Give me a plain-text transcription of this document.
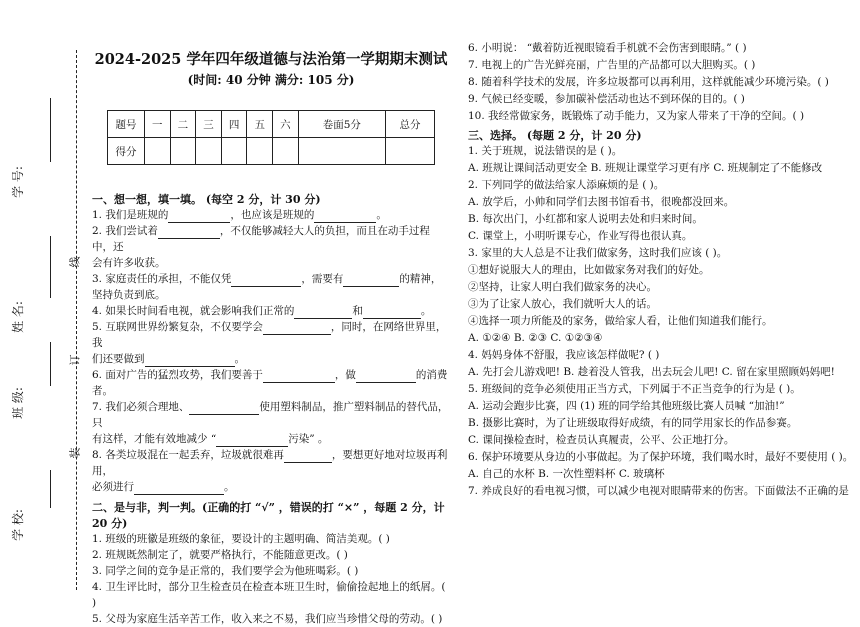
学 校:
班 级:
姓 名:
学 号:
装
订
线
2024-2025 学年四年级道德与法治第一学期期末测试
(时间: 40 分钟 满分: 105 分)
题号	一	二	三	四	五	六	卷面5分	总分
得分								
一、想一想，填一填。 (每空 2 分，计 30 分)
1. 我们是班规的	，也应该是班规的	。
2. 我们尝试着	，不仅能够减轻大人的负担，而且在动手过程中，还
会有许多收获。
3. 家庭责任的承担，不能仅凭	，需要有	的精神，
坚持负责到底。
4. 如果长时间看电视，就会影响我们正常的	和	。
5. 互联网世界纷繁复杂，不仅要学会	，同时，在网络世界里，我
们还要做到	。
6. 面对广告的猛烈攻势，我们要善于	，做	的消费者。
7. 我们必须合理地、	使用塑料制品，推广塑料制品的替代品，只
有这样，才能有效地减少 “	污染” 。
8. 各类垃圾混在一起丢弃，垃圾就很难再	，要想更好地对垃圾再利用，
必须进行	。
二、是与非，判一判。(正确的打 “√” ，错误的打 “×” ，每题 2 分，计 20 分)
1. 班级的班徽是班级的象征，要设计的主题明确、简洁美观。( )
2. 班规既然制定了，就要严格执行，不能随意更改。( )
3. 同学之间的竞争是正常的，我们要学会为他班喝彩。( )
4. 卫生评比时，部分卫生检查员在检查本班卫生时，偷偷捡起地上的纸屑。( )
5. 父母为家庭生活辛苦工作，收入来之不易，我们应当珍惜父母的劳动。( )
6. 小明说： “戴着防近视眼镜看手机就不会伤害到眼睛。” ( )
7. 电视上的广告光鲜亮丽，广告里的产品都可以大胆购买。( )
8. 随着科学技术的发展，许多垃圾都可以再利用，这样就能减少环境污染。( )
9. 气候已经变暖，参加碳补偿活动也达不到环保的目的。( )
10. 我经常做家务，既锻炼了动手能力，又为家人带来了干净的空间。( )
三、选择。 (每题 2 分，计 20 分)
1. 关于班规，说法错误的是 ( )。
A. 班规让课间活动更安全 B. 班规让课堂学习更有序 C. 班规制定了不能修改
2. 下列同学的做法给家人添麻烦的是 ( )。
A. 放学后，小帅和同学们去图书馆看书，很晚都没回来。
B. 每次出门，小红都和家人说明去处和归来时间。
C. 课堂上，小明听课专心，作业写得也很认真。
3. 家里的大人总是不让我们做家务，这时我们应该 ( )。
①想好说服大人的理由，比如做家务对我们的好处。
②坚持，让家人明白我们做家务的决心。
③为了让家人放心，我们就听大人的话。
④选择一项力所能及的家务，做给家人看，让他们知道我们能行。
A. ①②④ B. ②③ C. ①②③④
4. 妈妈身体不舒服，我应该怎样做呢? ( )
A. 先打会儿游戏吧! B. 趁着没人管我，出去玩会儿吧! C. 留在家里照顾妈妈吧!
5. 班级间的竞争必须使用正当方式，下列属于不正当竞争的行为是 ( )。
A. 运动会跑步比赛，四 (1) 班的同学给其他班级比赛人员喊 “加油!”
B. 摄影比赛时，为了让班级取得好成绩，有的同学用家长的作品参赛。
C. 课间操检查时，检查员认真履责，公平、公正地打分。
6. 保护环境要从身边的小事做起。为了保护环境，我们喝水时，最好不要使用 ( )。
A. 自己的水杯 B. 一次性塑料杯 C. 玻璃杯
7. 养成良好的看电视习惯，可以减少电视对眼睛带来的伤害。下面做法不正确的是
